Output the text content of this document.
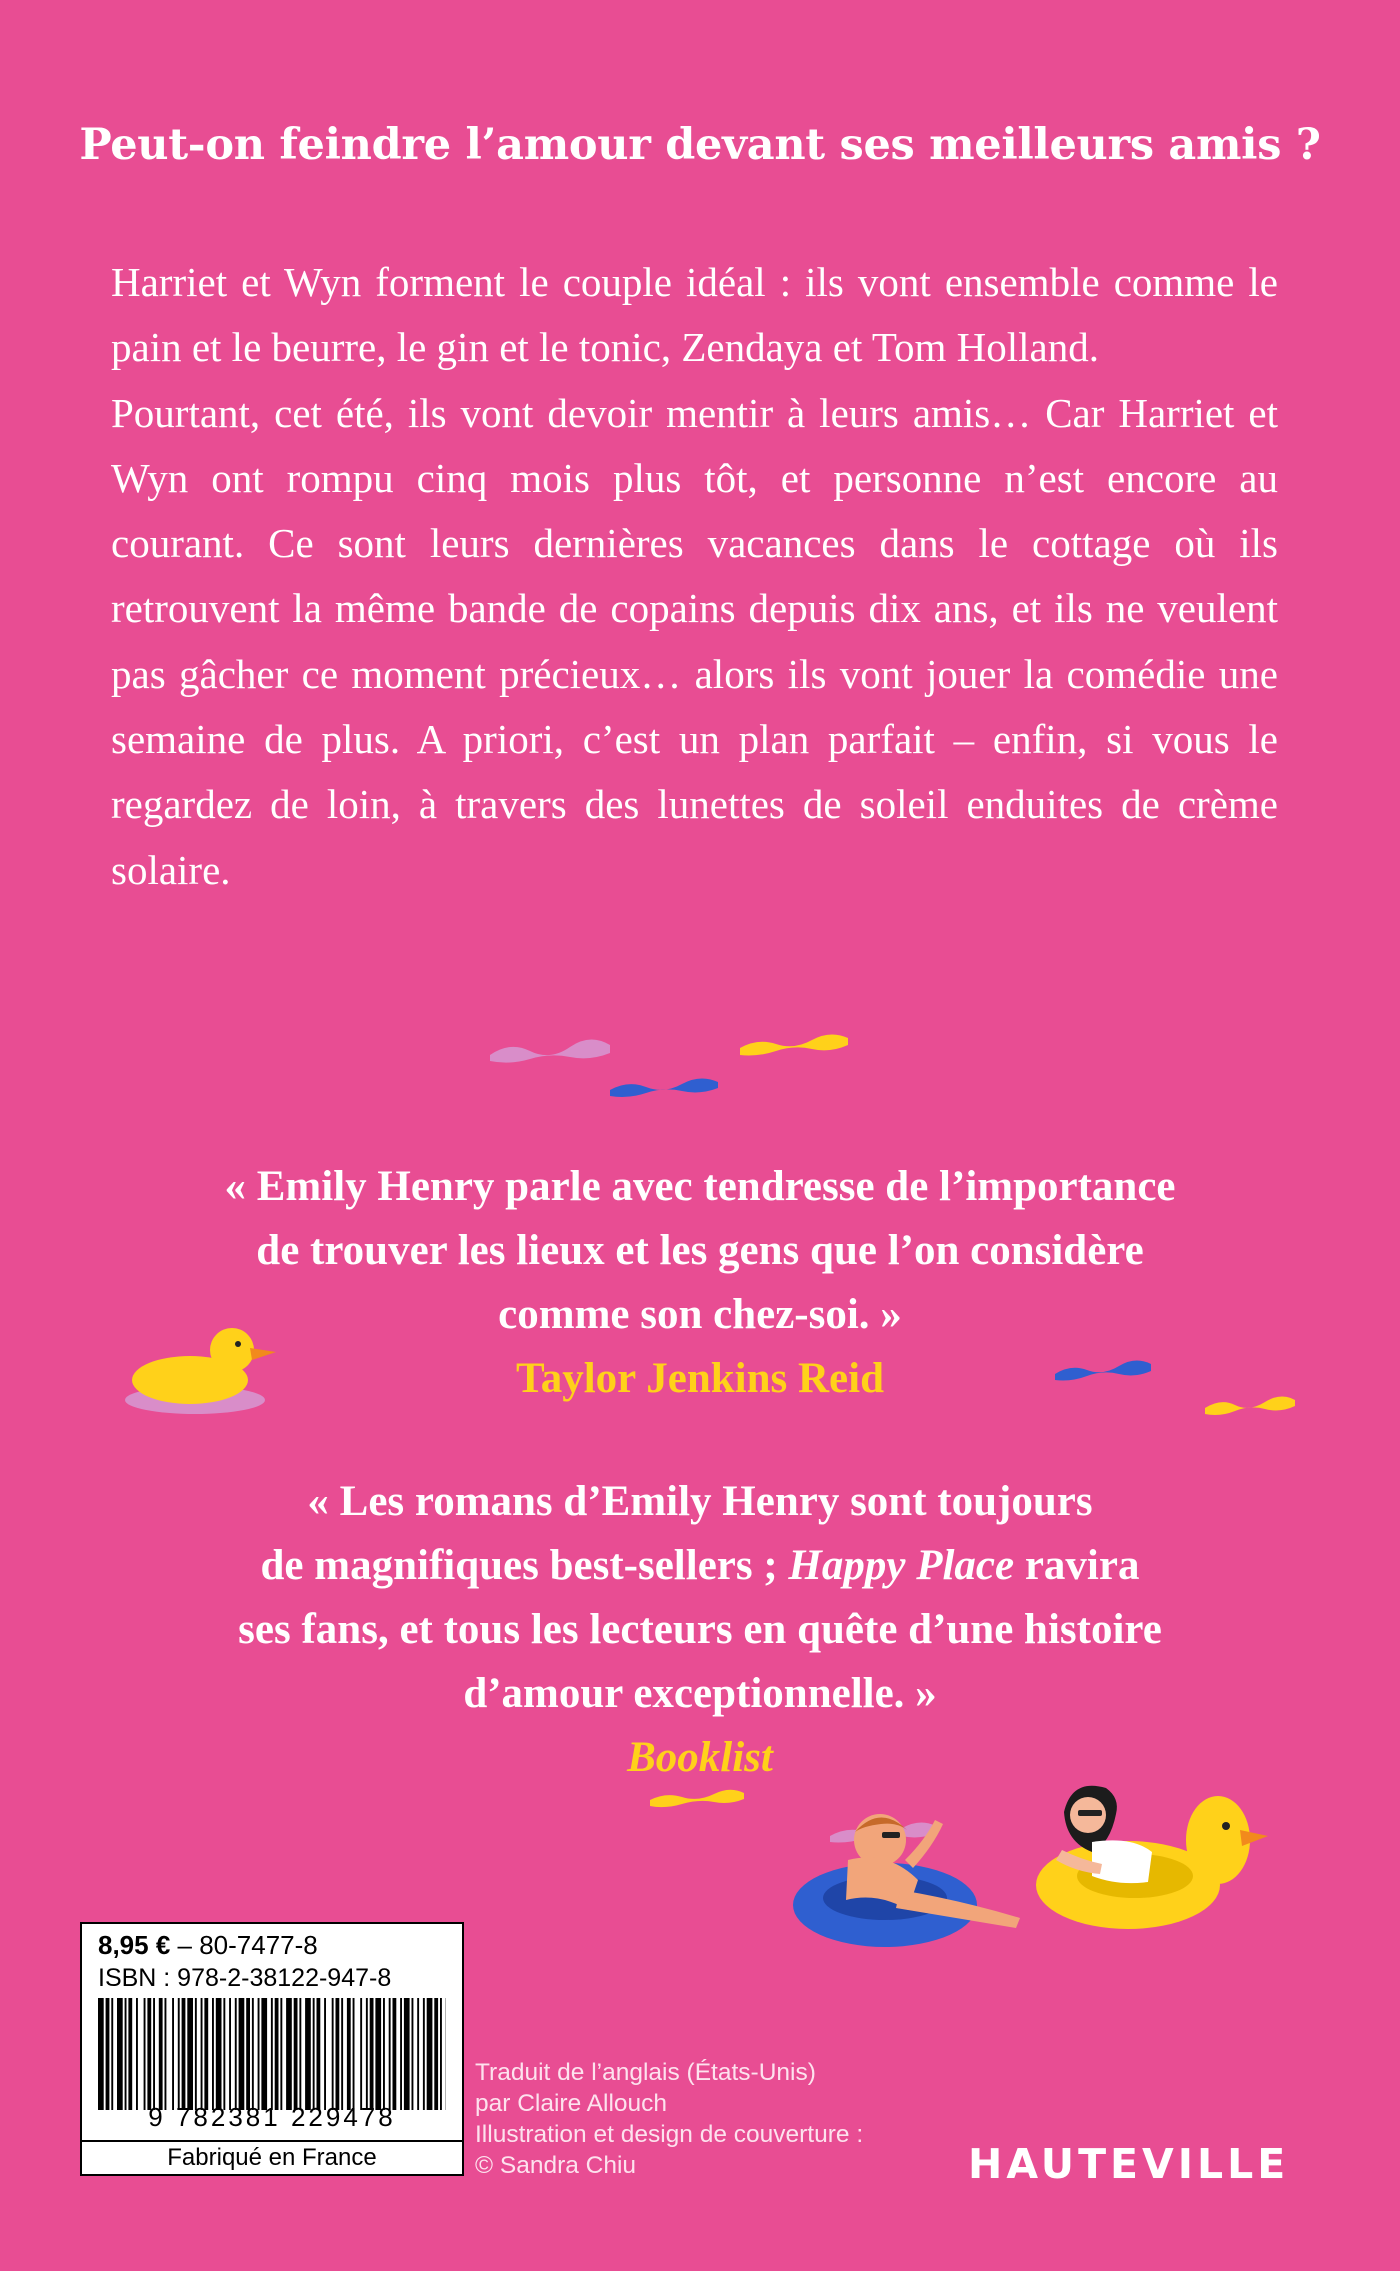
Peut-on feindre l’amour devant ses meilleurs amis ?

Harriet et Wyn forment le couple idéal : ils vont ensemble comme le pain et le beurre, le gin et le tonic, Zendaya et Tom Holland.

Pourtant, cet été, ils vont devoir mentir à leurs amis… Car Harriet et Wyn ont rompu cinq mois plus tôt, et personne n’est encore au courant. Ce sont leurs dernières vacances dans le cottage où ils retrouvent la même bande de copains depuis dix ans, et ils ne veulent pas gâcher ce moment précieux… alors ils vont jouer la comédie une semaine de plus. A priori, c’est un plan parfait – enfin, si vous le regardez de loin, à travers des lunettes de soleil enduites de crème solaire.

« Emily Henry parle avec tendresse de l’importance
de trouver les lieux et les gens que l’on considère
comme son chez-soi. »
Taylor Jenkins Reid
« Les romans d’Emily Henry sont toujours
de magnifiques best-sellers ; Happy Place ravira
ses fans, et tous les lecteurs en quête d’une histoire
d’amour exceptionnelle. »
Booklist
8,95 € – 80-7477-8
ISBN : 978-2-38122-947-8
9 782381 229478
Fabriqué en France
Traduit de l’anglais (États-Unis)
par Claire Allouch
Illustration et design de couverture :
© Sandra Chiu	HAUTEVILLE
